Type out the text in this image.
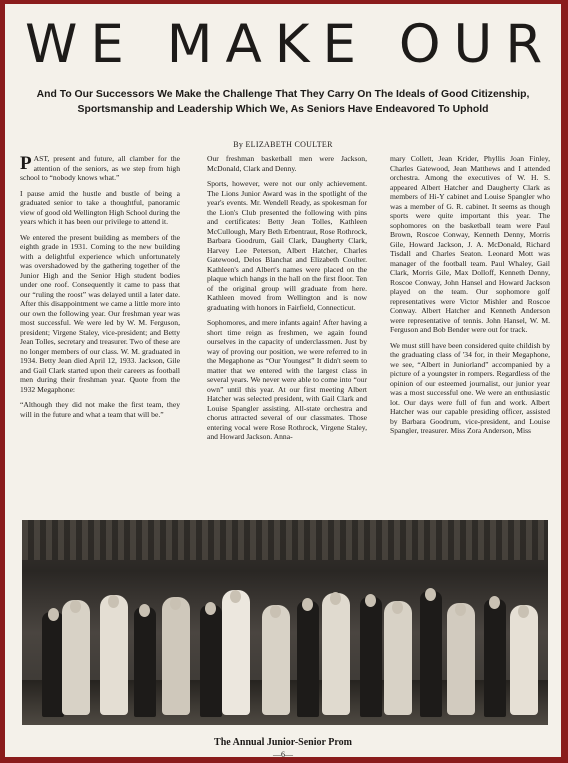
WE MAKE OUR

And To Our Successors We Make the Challenge That They Carry On The Ideals of Good Citizenship, Sportsmanship and Leadership Which We, As Seniors Have Endeavored To Uphold

By ELIZABETH COULTER

PAST, present and future, all clamber for the attention of the seniors, as we step from high school to “nobody knows what.”

I pause amid the hustle and bustle of being a graduated senior to take a thoughtful, panoramic view of good old Wellington High School during the years which it has been our privilege to attend it.

We entered the present building as members of the eighth grade in 1931. Coming to the new building with a delightful experience which unfortunately was overshadowed by the gathering together of the Junior High and the Senior High student bodies under one roof. Consequently it came to pass that our “ruling the roost” was delayed until a later date. After this disappointment we came a little more into our own the following year. Our freshman year was most successful. We were led by W. M. Ferguson, president; Virgene Staley, vice-president; and Betty Jean Tolles, secretary and treasurer. Two of these are no longer members of our class. W. M. graduated in 1934. Betty Jean died April 12, 1933. Jackson, Gile and Gail Clark started upon their careers as football men during their freshman year. Quote from the 1932 Megaphone:

“Although they did not make the first team, they will in the future and what a team that will be.”

Our freshman basketball men were Jackson, McDonald, Clark and Denny.

Sports, however, were not our only achievement. The Lions Junior Award was in the spotlight of the year's events. Mr. Wendell Ready, as spokesman for the Lion's Club presented the following with pins and certificates: Betty Jean Tolles, Kathleen McCullough, Mary Beth Erbentraut, Rose Rothrock, Barbara Goodrum, Gail Clark, Daugherty Clark, Harvey Lee Peterson, Albert Hatcher, Charles Gatewood, Delos Blanchat and Elizabeth Coulter. Kathleen's and Albert's names were placed on the plaque which hangs in the hall on the first floor. Ten of the original group will graduate from here. Kathleen moved from Wellington and is now graduating with honors in Fairfield, Connecticut.

Sophomores, and mere infants again! After having a short time reign as freshmen, we again found ourselves in the capacity of underclassmen. Just by way of proving our position, we were referred to in the Megaphone as “Our Youngest” It didn't seem to matter that we entered with the largest class in several years. We never were able to come into “our own” until this year. At our first meeting Albert Hatcher was selected president, with Gail Clark and Louise Spangler assisting. All-state orchestra and chorus attracted several of our classmates. Those entering vocal were Rose Rothrock, Virgene Staley, and Howard Jackson. Anna-

mary Collett, Jean Krider, Phyllis Joan Finley, Charles Gatewood, Jean Matthews and I attended orchestra. Among the executives of W. H. S. appeared Albert Hatcher and Daugherty Clark as members of Hi-Y cabinet and Louise Spangler who was a member of G. R. cabinet. It seems as though sports were quite important this year. The sophomores on the basketball team were Paul Brown, Roscoe Conway, Kenneth Denny, Morris Gile, Howard Jackson, J. A. McDonald, Richard Tisdall and Charles Seaton. Leonard Mott was manager of the football team. Paul Whaley, Gail Clark, Morris Gile, Max Dolloff, Kenneth Denny, Roscoe Conway, John Hansel and Howard Jackson played on the team. Our sophomore golf representatives were Victor Mishler and Roscoe Conway. Albert Hatcher and Kenneth Anderson were representative of tennis. John Hansel, W. M. Ferguson and Bob Bender were out for track.

We must still have been considered quite childish by the graduating class of '34 for, in their Megaphone, we see, “Albert in Juniorland” accompanied by a picture of a youngster in rompers. Regardless of the opinion of our esteemed journalist, our junior year was a most successful one. We were an enthusiastic lot. Our days were full of fun and work. Albert Hatcher was our capable presiding officer, assisted by Barbara Goodrum, vice-president, and Louise Spangler, treasurer. Miss Zora Anderson, Miss

The Annual Junior-Senior Prom
—6—
